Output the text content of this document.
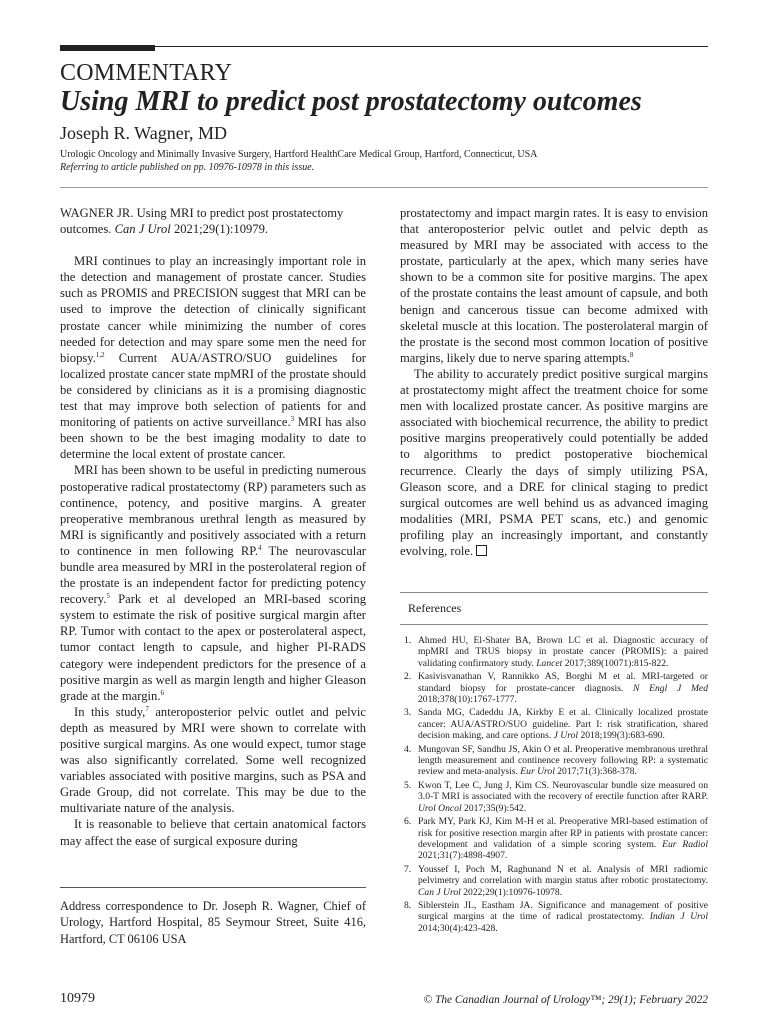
COMMENTARY
Using MRI to predict post prostatectomy outcomes
Joseph R. Wagner, MD
Urologic Oncology and Minimally Invasive Surgery, Hartford HealthCare Medical Group, Hartford, Connecticut, USA
Referring to article published on pp. 10976-10978 in this issue.

WAGNER JR. Using MRI to predict post prostatectomy outcomes. Can J Urol 2021;29(1):10979.

MRI continues to play an increasingly important role in the detection and management of prostate cancer. Studies such as PROMIS and PRECISION suggest that MRI can be used to improve the detection of clinically significant prostate cancer while minimizing the number of cores needed for detection and may spare some men the need for biopsy.$^{1,2}$ Current AUA/ASTRO/SUO guidelines for localized prostate cancer state mpMRI of the prostate should be considered by clinicians as it is a promising diagnostic test that may improve both selection of patients for and monitoring of patients on active surveillance.$^3$ MRI has also been shown to be the best imaging modality to date to determine the local extent of prostate cancer.

MRI has been shown to be useful in predicting numerous postoperative radical prostatectomy (RP) parameters such as continence, potency, and positive margins. A greater preoperative membranous urethral length as measured by MRI is significantly and positively associated with a return to continence in men following RP.$^4$ The neurovascular bundle area measured by MRI in the posterolateral region of the prostate is an independent factor for predicting potency recovery.$^5$ Park et al developed an MRI-based scoring system to estimate the risk of positive surgical margin after RP. Tumor with contact to the apex or posterolateral aspect, tumor contact length to capsule, and higher PI-RADS category were independent predictors for the presence of a positive margin as well as margin length and higher Gleason grade at the margin.$^6$

In this study,$^7$ anteroposterior pelvic outlet and pelvic depth as measured by MRI were shown to correlate with positive surgical margins. As one would expect, tumor stage was also significantly correlated. Some well recognized variables associated with positive margins, such as PSA and Grade Group, did not correlate. This may be due to the multivariate nature of the analysis.

It is reasonable to believe that certain anatomical factors may affect the ease of surgical exposure during

Address correspondence to Dr. Joseph R. Wagner, Chief of Urology, Hartford Hospital, 85 Seymour Street, Suite 416, Hartford, CT 06106 USA

prostatectomy and impact margin rates. It is easy to envision that anteroposterior pelvic outlet and pelvic depth as measured by MRI may be associated with access to the prostate, particularly at the apex, which many series have shown to be a common site for positive margins. The apex of the prostate contains the least amount of capsule, and both benign and cancerous tissue can become admixed with skeletal muscle at this location. The posterolateral margin of the prostate is the second most common location of positive margins, likely due to nerve sparing attempts.$^8$

The ability to accurately predict positive surgical margins at prostatectomy might affect the treatment choice for some men with localized prostate cancer. As positive margins are associated with biochemical recurrence, the ability to predict positive margins preoperatively could potentially be added to algorithms to predict postoperative biochemical recurrence. Clearly the days of simply utilizing PSA, Gleason score, and a DRE for clinical staging to predict surgical outcomes are well behind us as advanced imaging modalities (MRI, PSMA PET scans, etc.) and genomic profiling play an increasingly important, and constantly evolving, role.

References
1. Ahmed HU, El-Shater BA, Brown LC et al. Diagnostic accuracy of mpMRI and TRUS biopsy in prostate cancer (PROMIS): a paired validating confirmatory study. Lancet 2017;389(10071):815-822.
2. Kasivisvanathan V, Rannikko AS, Borghi M et al. MRI-targeted or standard biopsy for prostate-cancer diagnosis. N Engl J Med 2018;378(10):1767-1777.
3. Sanda MG, Cadeddu JA, Kirkby E et al. Clinically localized prostate cancer: AUA/ASTRO/SUO guideline. Part I: risk stratification, shared decision making, and care options. J Urol 2018;199(3):683-690.
4. Mungovan SF, Sandhu JS, Akin O et al. Preoperative membranous urethral length measurement and continence recovery following RP: a systematic review and meta-analysis. Eur Urol 2017;71(3):368-378.
5. Kwon T, Lee C, Jung J, Kim CS. Neurovascular bundle size measured on 3.0-T MRI is associated with the recovery of erectile function after RARP. Urol Oncol 2017;35(9):542.
6. Park MY, Park KJ, Kim M-H et al. Preoperative MRI-based estimation of risk for positive resection margin after RP in patients with prostate cancer: development and validation of a simple scoring system. Eur Radiol 2021;31(7):4898-4907.
7. Youssef I, Poch M, Raghunand N et al. Analysis of MRI radiomic pelvimetry and correlation with margin status after robotic prostatectomy. Can J Urol 2022;29(1):10976-10978.
8. Siblerstein JL, Eastham JA. Significance and management of positive surgical margins at the time of radical prostatectomy. Indian J Urol 2014;30(4):423-428.
10979	© The Canadian Journal of Urology™; 29(1); February 2022
